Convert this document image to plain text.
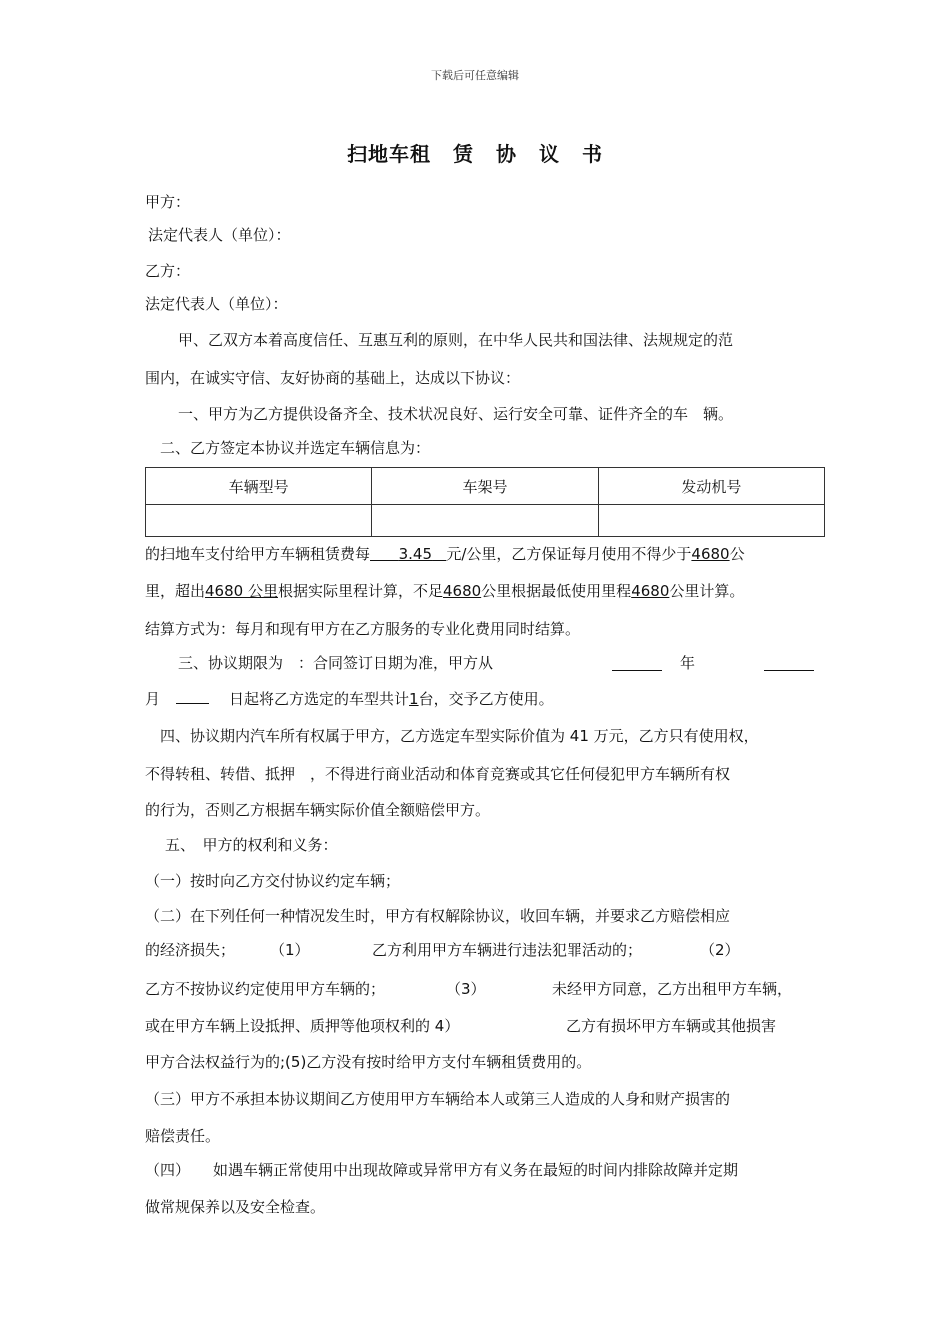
下载后可任意编辑
扫地车租 赁 协 议 书
甲方：
法定代表人（单位）：
乙方：
法定代表人（单位）：
甲、乙双方本着高度信任、互惠互利的原则，在中华人民共和国法律、法规规定的范
围内，在诚实守信、友好协商的基础上，达成以下协议：
一、甲方为乙方提供设备齐全、技术状况良好、运行安全可靠、证件齐全的车　辆。
二、乙方签定本协议并选定车辆信息为：
车辆型号	车架号	发动机号

的扫地车支付给甲方车辆租赁费每 3.45 元/公里，乙方保证每月使用不得少于4680公
里，超出4680 公里根据实际里程计算，不足4680公里根据最低使用里程4680公里计算。
结算方式为：每月和现有甲方在乙方服务的专业化费用同时结算。
三、协议期限为　：合同签订日期为准，甲方从	年
月	日起将乙方选定的车型共计1台，交予乙方使用。
四、协议期内汽车所有权属于甲方，乙方选定车型实际价值为 41 万元，乙方只有使用权，
不得转租、转借、抵押　，不得进行商业活动和体育竞赛或其它任何侵犯甲方车辆所有权
的行为，否则乙方根据车辆实际价值全额赔偿甲方。
五、　甲方的权利和义务：
（一）按时向乙方交付协议约定车辆；
（二）在下列任何一种情况发生时，甲方有权解除协议，收回车辆，并要求乙方赔偿相应
的经济损失； （1）	乙方利用甲方车辆进行违法犯罪活动的；	（2）
乙方不按协议约定使用甲方车辆的；	（3）	未经甲方同意，乙方出租甲方车辆，
或在甲方车辆上设抵押、质押等他项权利的 4）	乙方有损坏甲方车辆或其他损害
甲方合法权益行为的;(5)乙方没有按时给甲方支付车辆租赁费用的。
（三）甲方不承担本协议期间乙方使用甲方车辆给本人或第三人造成的人身和财产损害的
赔偿责任。
（四） 如遇车辆正常使用中出现故障或异常甲方有义务在最短的时间内排除故障并定期
做常规保养以及安全检查。
